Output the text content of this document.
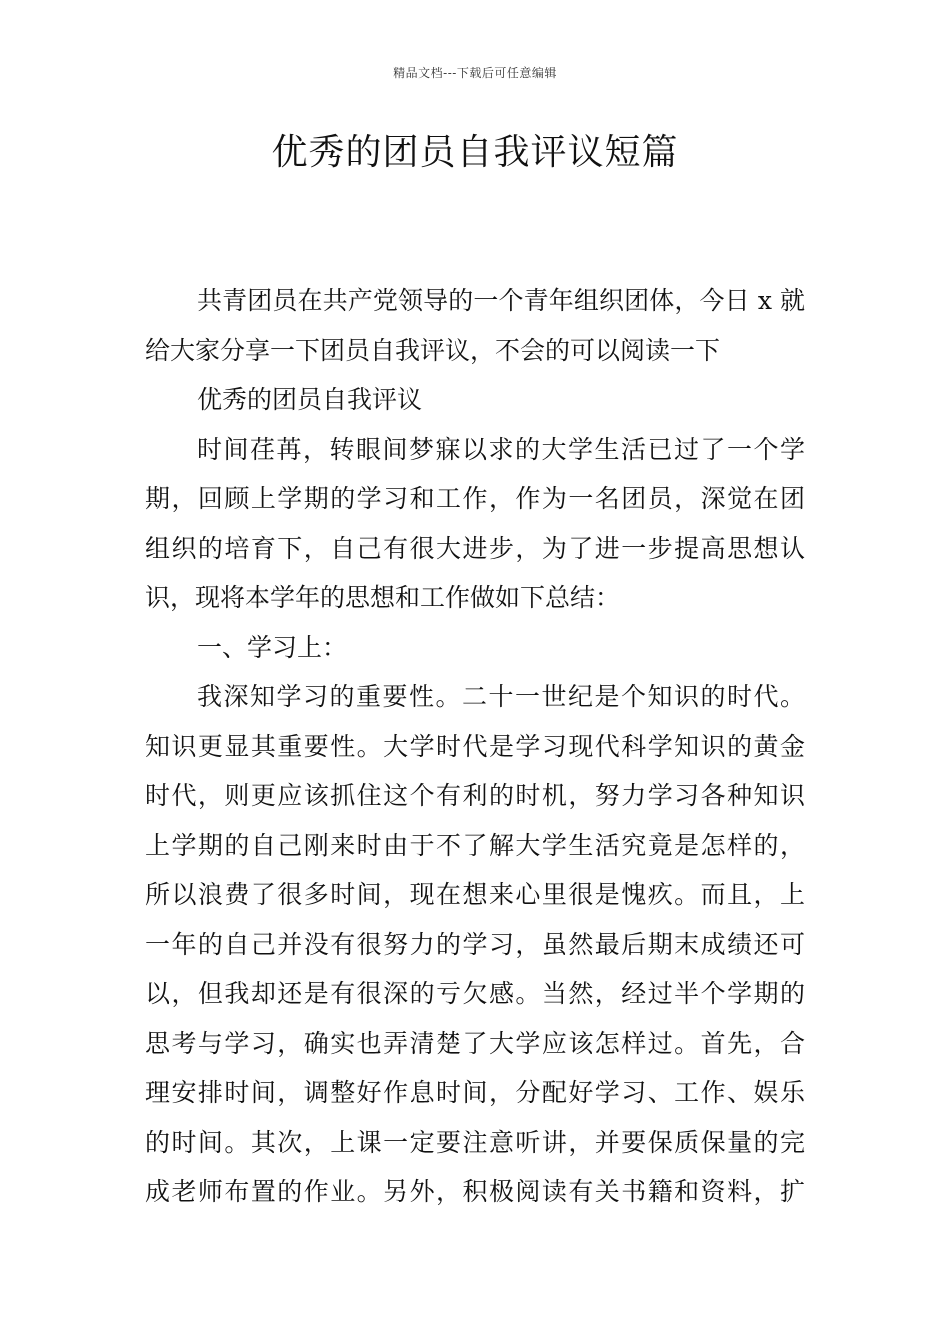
精品文档---下载后可任意编辑
优秀的团员自我评议短篇
共青团员在共产党领导的一个青年组织团体，今日 x 就
给大家分享一下团员自我评议，不会的可以阅读一下
优秀的团员自我评议
时间荏苒，转眼间梦寐以求的大学生活已过了一个学
期，回顾上学期的学习和工作，作为一名团员，深觉在团
组织的培育下，自己有很大进步，为了进一步提高思想认
识，现将本学年的思想和工作做如下总结：
一、学习上：
我深知学习的重要性。二十一世纪是个知识的时代。
知识更显其重要性。大学时代是学习现代科学知识的黄金
时代，则更应该抓住这个有利的时机，努力学习各种知识
上学期的自己刚来时由于不了解大学生活究竟是怎样的，
所以浪费了很多时间，现在想来心里很是愧疚。而且，上
一年的自己并没有很努力的学习，虽然最后期末成绩还可
以，但我却还是有很深的亏欠感。当然，经过半个学期的
思考与学习，确实也弄清楚了大学应该怎样过。首先，合
理安排时间，调整好作息时间，分配好学习、工作、娱乐
的时间。其次，上课一定要注意听讲，并要保质保量的完
成老师布置的作业。另外，积极阅读有关书籍和资料，扩
